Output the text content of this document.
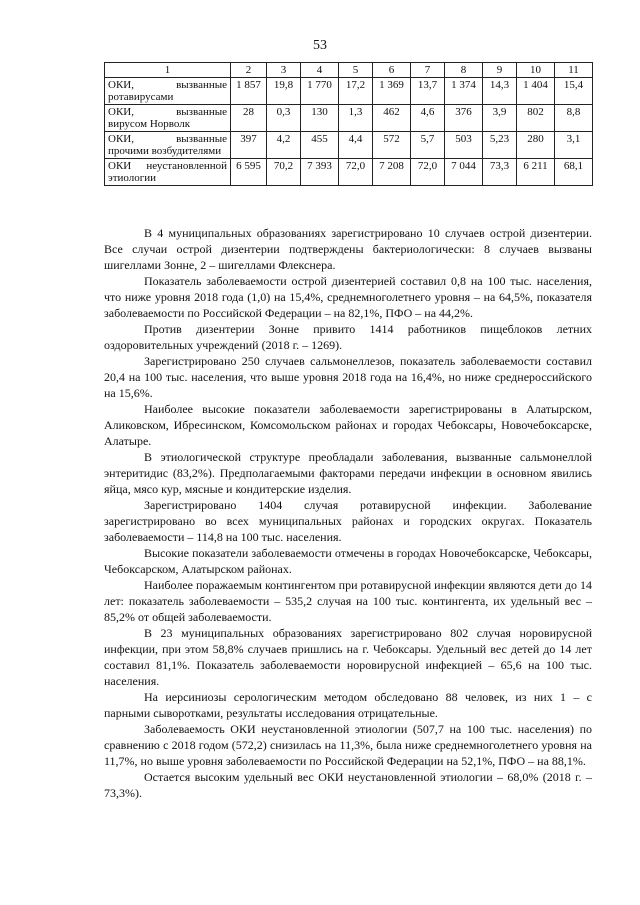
53
1	2	3	4	5	6	7	8	9	10	11
ОКИ, вызванные ротавирусами	1 857	19,8	1 770	17,2	1 369	13,7	1 374	14,3	1 404	15,4
ОКИ, вызванные вирусом Норволк	28	0,3	130	1,3	462	4,6	376	3,9	802	8,8
ОКИ, вызванные прочими возбудителями	397	4,2	455	4,4	572	5,7	503	5,23	280	3,1
ОКИ неустановленной этиологии	6 595	70,2	7 393	72,0	7 208	72,0	7 044	73,3	6 211	68,1

В 4 муниципальных образованиях зарегистрировано 10 случаев острой дизентерии. Все случаи острой дизентерии подтверждены бактериологически: 8 случаев вызваны шигеллами Зонне, 2 – шигеллами Флекснера.

Показатель заболеваемости острой дизентерией составил 0,8 на 100 тыс. населения, что ниже уровня 2018 года (1,0) на 15,4%, среднемноголетнего уровня – на 64,5%, показателя заболеваемости по Российской Федерации – на 82,1%, ПФО – на 44,2%.

Против дизентерии Зонне привито 1414 работников пищеблоков летних оздоровительных учреждений (2018 г. – 1269).

Зарегистрировано 250 случаев сальмонеллезов, показатель заболеваемости составил 20,4 на 100 тыс. населения, что выше уровня 2018 года на 16,4%, но ниже среднероссийского на 15,6%.

Наиболее высокие показатели заболеваемости зарегистрированы в Алатырском, Аликовском, Ибресинском, Комсомольском районах и городах Чебоксары, Новочебоксарске, Алатыре.

В этиологической структуре преобладали заболевания, вызванные сальмонеллой энтеритидис (83,2%). Предполагаемыми факторами передачи инфекции в основном явились яйца, мясо кур, мясные и кондитерские изделия.

Зарегистрировано 1404 случая ротавирусной инфекции. Заболевание зарегистрировано во всех муниципальных районах и городских округах. Показатель заболеваемости – 114,8 на 100 тыс. населения.

Высокие показатели заболеваемости отмечены в городах Новочебоксарске, Чебоксары, Чебоксарском, Алатырском районах.

Наиболее поражаемым контингентом при ротавирусной инфекции являются дети до 14 лет: показатель заболеваемости – 535,2 случая на 100 тыс. контингента, их удельный вес – 85,2% от общей заболеваемости.

В 23 муниципальных образованиях зарегистрировано 802 случая норовирусной инфекции, при этом 58,8% случаев пришлись на г. Чебоксары. Удельный вес детей до 14 лет составил 81,1%. Показатель заболеваемости норовирусной инфекцией – 65,6 на 100 тыс. населения.

На иерсиниозы серологическим методом обследовано 88 человек, из них 1 – с парными сыворотками, результаты исследования отрицательные.

Заболеваемость ОКИ неустановленной этиологии (507,7 на 100 тыс. населения) по сравнению с 2018 годом (572,2) снизилась на 11,3%, была ниже среднемноголетнего уровня на 11,7%, но выше уровня заболеваемости по Российской Федерации на 52,1%, ПФО – на 88,1%.

Остается высоким удельный вес ОКИ неустановленной этиологии – 68,0% (2018 г. – 73,3%).
